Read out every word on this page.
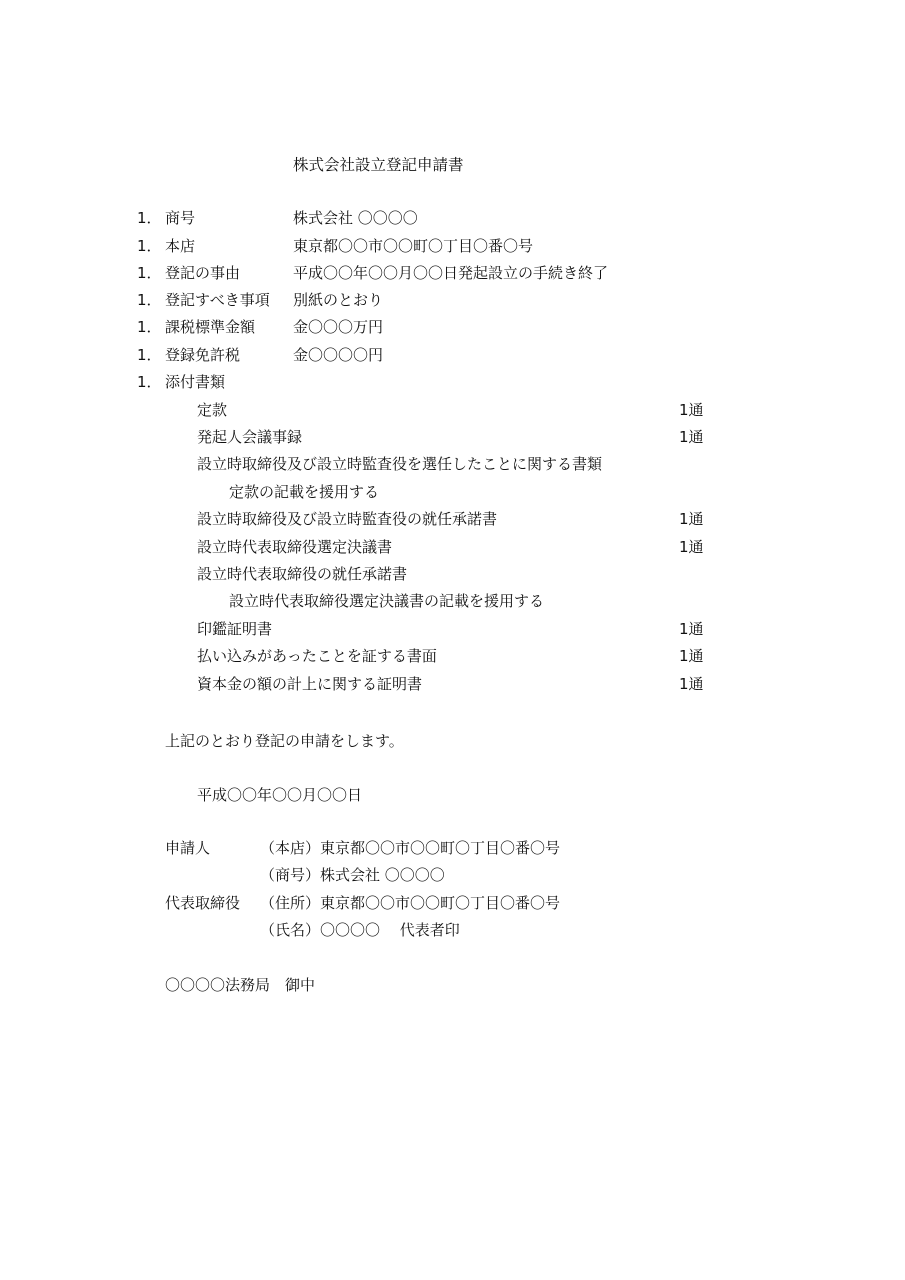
株式会社設立登記申請書
1． 商号	株式会社 〇〇〇〇
1． 本店	東京都〇〇市〇〇町〇丁目〇番〇号
1． 登記の事由	平成〇〇年〇〇月〇〇日発起設立の手続き終了
1． 登記すべき事項 別紙のとおり
1． 課税標準金額	金〇〇〇万円
1． 登録免許税	金〇〇〇〇円
1． 添付書類
定款	1通
発起人会議事録	1通
設立時取締役及び設立時監査役を選任したことに関する書類
定款の記載を援用する
設立時取締役及び設立時監査役の就任承諾書	1通
設立時代表取締役選定決議書	1通
設立時代表取締役の就任承諾書
設立時代表取締役選定決議書の記載を援用する
印鑑証明書	1通
払い込みがあったことを証する書面	1通
資本金の額の計上に関する証明書	1通
上記のとおり登記の申請をします。
平成〇〇年〇〇月〇〇日
申請人	（本店）東京都〇〇市〇〇町〇丁目〇番〇号
（商号）株式会社 〇〇〇〇
代表取締役 （住所）東京都〇〇市〇〇町〇丁目〇番〇号
（氏名）〇〇〇〇　 代表者印
〇〇〇〇法務局　御中
